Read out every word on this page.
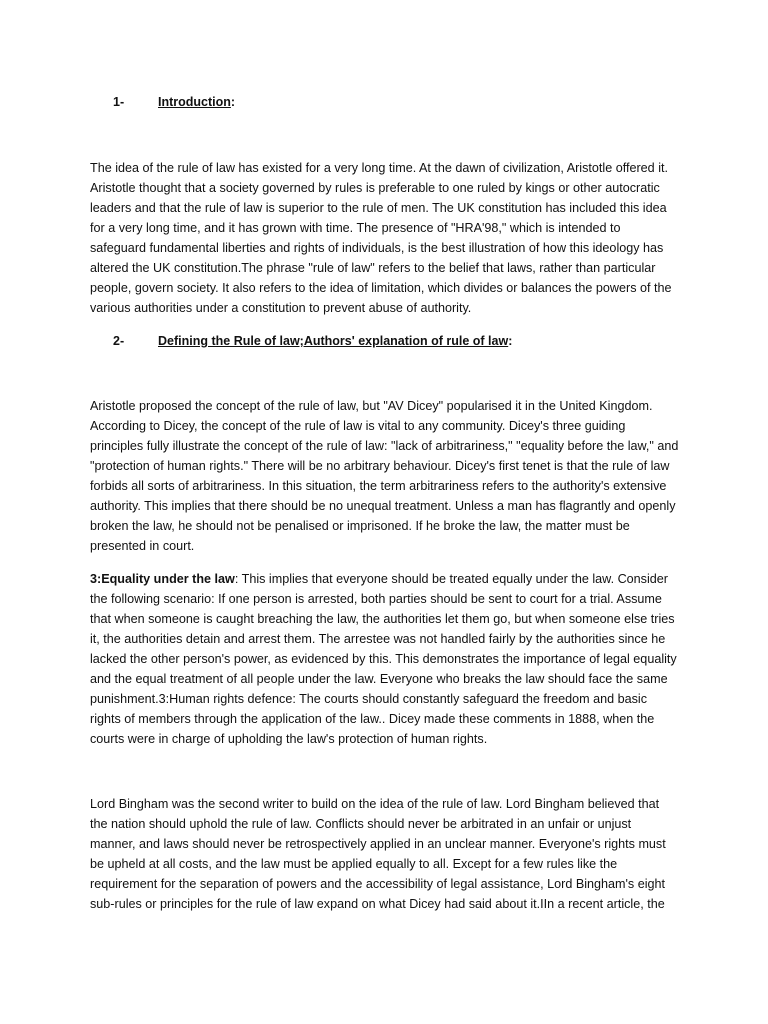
1-	Introduction:
The idea of the rule of law has existed for a very long time. At the dawn of civilization, Aristotle offered it. Aristotle thought that a society governed by rules is preferable to one ruled by kings or other autocratic leaders and that the rule of law is superior to the rule of men. The UK constitution has included this idea for a very long time, and it has grown with time. The presence of "HRA'98," which is intended to safeguard fundamental liberties and rights of individuals, is the best illustration of how this ideology has altered the UK constitution.The phrase "rule of law" refers to the belief that laws, rather than particular people, govern society. It also refers to the idea of limitation, which divides or balances the powers of the various authorities under a constitution to prevent abuse of authority.
2-	Defining the Rule of law;Authors' explanation of rule of law:
Aristotle proposed the concept of the rule of law, but "AV Dicey" popularised it in the United Kingdom. According to Dicey, the concept of the rule of law is vital to any community. Dicey's three guiding principles fully illustrate the concept of the rule of law: "lack of arbitrariness," "equality before the law," and "protection of human rights." There will be no arbitrary behaviour. Dicey's first tenet is that the rule of law forbids all sorts of arbitrariness. In this situation, the term arbitrariness refers to the authority's extensive authority. This implies that there should be no unequal treatment. Unless a man has flagrantly and openly broken the law, he should not be penalised or imprisoned. If he broke the law, the matter must be presented in court.
3:Equality under the law: This implies that everyone should be treated equally under the law. Consider the following scenario: If one person is arrested, both parties should be sent to court for a trial. Assume that when someone is caught breaching the law, the authorities let them go, but when someone else tries it, the authorities detain and arrest them. The arrestee was not handled fairly by the authorities since he lacked the other person's power, as evidenced by this. This demonstrates the importance of legal equality and the equal treatment of all people under the law. Everyone who breaks the law should face the same punishment.3:Human rights defence: The courts should constantly safeguard the freedom and basic rights of members through the application of the law.. Dicey made these comments in 1888, when the courts were in charge of upholding the law's protection of human rights.
Lord Bingham was the second writer to build on the idea of the rule of law. Lord Bingham believed that the nation should uphold the rule of law. Conflicts should never be arbitrated in an unfair or unjust manner, and laws should never be retrospectively applied in an unclear manner. Everyone's rights must be upheld at all costs, and the law must be applied equally to all. Except for a few rules like the requirement for the separation of powers and the accessibility of legal assistance, Lord Bingham's eight sub-rules or principles for the rule of law expand on what Dicey had said about it.IIn a recent article, the
